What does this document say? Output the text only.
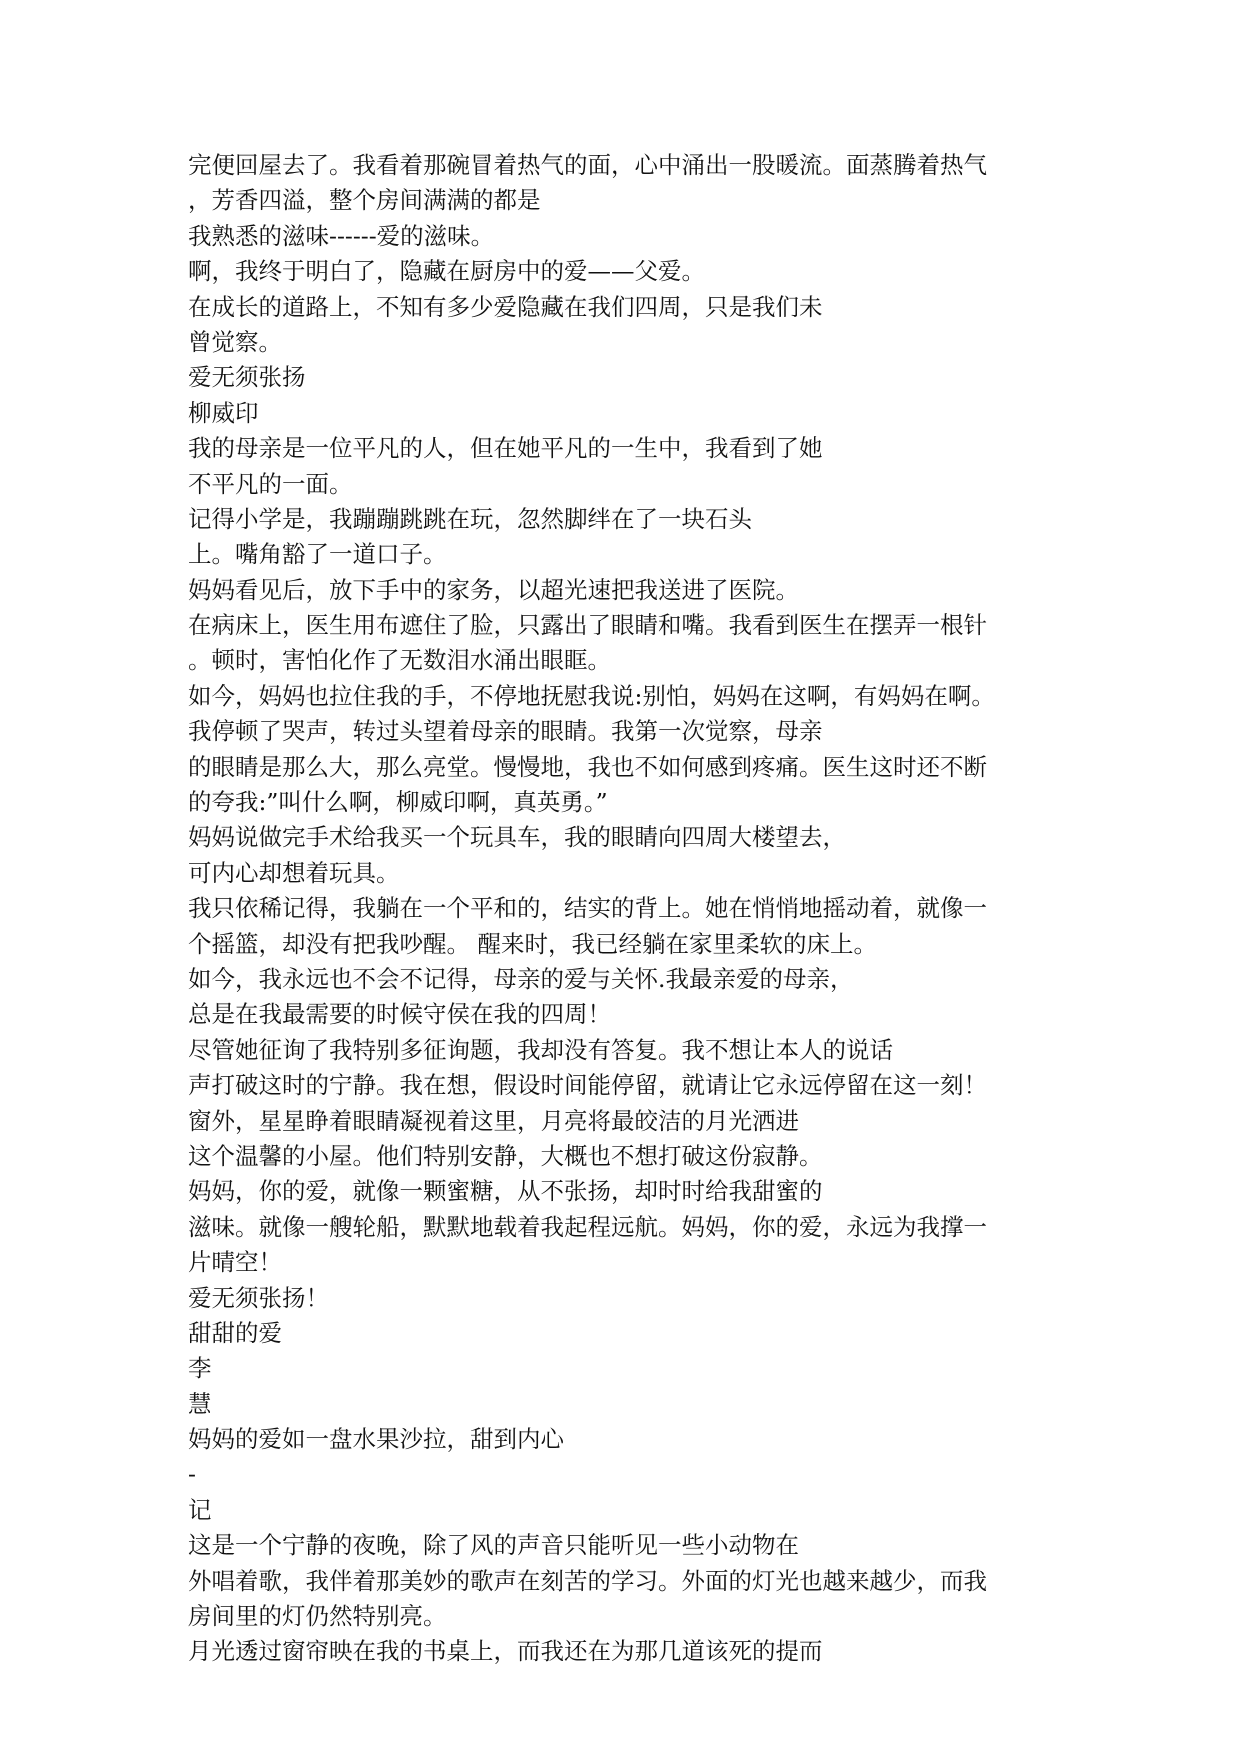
完便回屋去了。我看着那碗冒着热气的面，心中涌出一股暖流。面蒸腾着热气
，芳香四溢，整个房间满满的都是
我熟悉的滋味------爱的滋味。
啊，我终于明白了，隐藏在厨房中的爱——父爱。
在成长的道路上，不知有多少爱隐藏在我们四周，只是我们未
曾觉察。
爱无须张扬
柳威印
我的母亲是一位平凡的人，但在她平凡的一生中，我看到了她
不平凡的一面。
记得小学是，我蹦蹦跳跳在玩，忽然脚绊在了一块石头
上。嘴角豁了一道口子。
妈妈看见后，放下手中的家务，以超光速把我送进了医院。
在病床上，医生用布遮住了脸，只露出了眼睛和嘴。我看到医生在摆弄一根针
。顿时，害怕化作了无数泪水涌出眼眶。
如今，妈妈也拉住我的手，不停地抚慰我说:别怕，妈妈在这啊，有妈妈在啊。
我停顿了哭声，转过头望着母亲的眼睛。我第一次觉察，母亲
的眼睛是那么大，那么亮堂。慢慢地，我也不如何感到疼痛。医生这时还不断
的夸我:”叫什么啊，柳威印啊，真英勇。”
妈妈说做完手术给我买一个玩具车，我的眼睛向四周大楼望去，
可内心却想着玩具。
我只依稀记得，我躺在一个平和的，结实的背上。她在悄悄地摇动着，就像一
个摇篮，却没有把我吵醒。 醒来时，我已经躺在家里柔软的床上。
如今，我永远也不会不记得，母亲的爱与关怀.我最亲爱的母亲，
总是在我最需要的时候守侯在我的四周！
尽管她征询了我特别多征询题，我却没有答复。我不想让本人的说话
声打破这时的宁静。我在想，假设时间能停留，就请让它永远停留在这一刻！
窗外，星星睁着眼睛凝视着这里，月亮将最皎洁的月光洒进
这个温馨的小屋。他们特别安静，大概也不想打破这份寂静。
妈妈，你的爱，就像一颗蜜糖，从不张扬，却时时给我甜蜜的
滋味。就像一艘轮船，默默地载着我起程远航。妈妈，你的爱，永远为我撑一
片晴空！
爱无须张扬！
甜甜的爱
李
慧
妈妈的爱如一盘水果沙拉，甜到内心
-
记
这是一个宁静的夜晚，除了风的声音只能听见一些小动物在
外唱着歌，我伴着那美妙的歌声在刻苦的学习。外面的灯光也越来越少，而我
房间里的灯仍然特别亮。
月光透过窗帘映在我的书桌上，而我还在为那几道该死的提而
